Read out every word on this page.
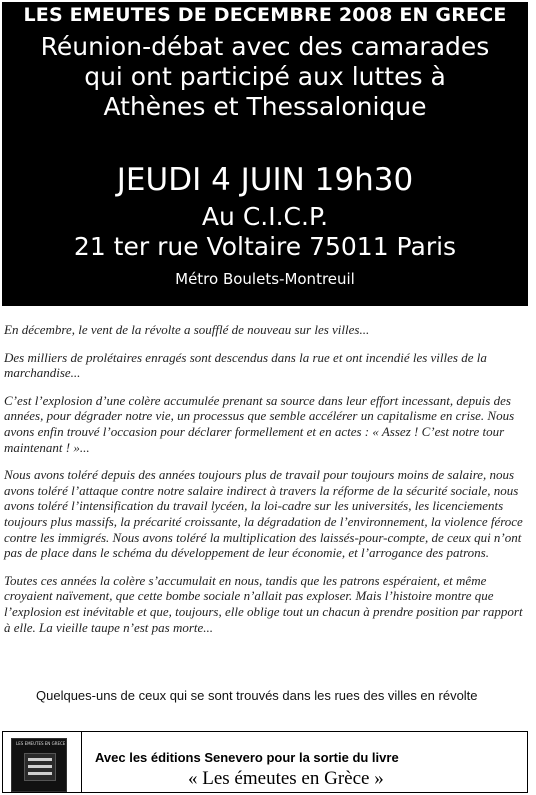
LES EMEUTES DE DECEMBRE 2008 EN GRECE
Réunion-débat avec des camarades
qui ont participé aux luttes à
Athènes et Thessalonique
JEUDI 4 JUIN 19h30
Au C.I.C.P.
21 ter rue Voltaire 75011 Paris
Métro Boulets-Montreuil

En décembre, le vent de la révolte a soufflé de nouveau sur les villes...

Des milliers de prolétaires enragés sont descendus dans la rue et ont incendié les villes de la marchandise...

C’est l’explosion d’une colère accumulée prenant sa source dans leur effort incessant, depuis des années, pour dégrader notre vie, un processus que semble accélérer un capitalisme en crise. Nous avons enfin trouvé l’occasion pour déclarer formellement et en actes : « Assez ! C’est notre tour maintenant ! »...

Nous avons toléré depuis des années toujours plus de travail pour toujours moins de salaire, nous avons toléré l’attaque contre notre salaire indirect à travers la réforme de la sécurité sociale, nous avons toléré l’intensification du travail lycéen, la loi-cadre sur les universités, les licenciements toujours plus massifs, la précarité croissante, la dégradation de l’environnement, la violence féroce contre les immigrés. Nous avons toléré la multiplication des laissés-pour-compte, de ceux qui n’ont pas de place dans le schéma du développement de leur économie, et l’arrogance des patrons.

Toutes ces années la colère s’accumulait en nous, tandis que les patrons espéraient, et même croyaient naïvement, que cette bombe sociale n’allait pas exploser. Mais l’histoire montre que l’explosion est inévitable et que, toujours, elle oblige tout un chacun à prendre position par rapport à elle. La vieille taupe n’est pas morte...

Quelques-uns de ceux qui se sont trouvés dans les rues des villes en révolte
LES EMEUTES EN GRECE
Avec les éditions Senevero pour la sortie du livre
« Les émeutes en Grèce »
